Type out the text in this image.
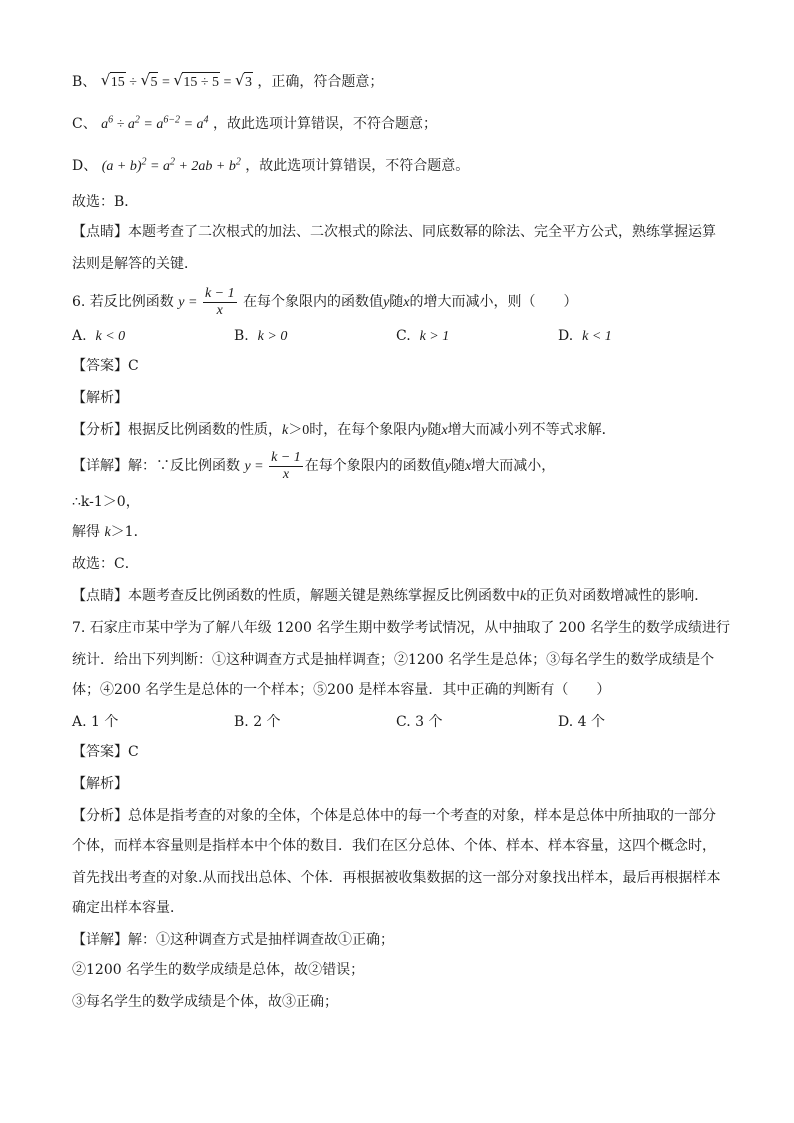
B、 √ 15 ÷ √ 5 = √ 15 ÷ 5 = √ 3 ，正确，符合题意；
C、 $a^6 \div a^2 = a^{6-2} = a^4$ ，故此选项计算错误，不符合题意；
D、 $(a + b)^2 = a^2 + 2ab + b^2$ ，故此选项计算错误，不符合题意。
故选：B．
【点睛】本题考查了二次根式的加法、二次根式的除法、同底数幂的除法、完全平方公式，熟练掌握运算
法则是解答的关键．
6. 若反比例函数 $y = \frac{k - 1}{x}$ 在每个象限内的函数值y随x的增大而减小，则（　　）
A. k < 0	B. k > 0	C. k > 1	D. k < 1
【答案】C
【解析】
【分析】根据反比例函数的性质，k＞0时，在每个象限内y随x增大而减小列不等式求解．
【详解】解：∵反比例函数 $y = \frac{k - 1}{x}$ 在每个象限内的函数值y随x增大而减小，
∴k-1＞0，
解得 k＞1．
故选：C．
【点睛】本题考查反比例函数的性质，解题关键是熟练掌握反比例函数中k的正负对函数增减性的影响．
7. 石家庄市某中学为了解八年级 1200 名学生期中数学考试情况，从中抽取了 200 名学生的数学成绩进行
统计．给出下列判断：①这种调查方式是抽样调查；②1200 名学生是总体；③每名学生的数学成绩是个
体；④200 名学生是总体的一个样本；⑤200 是样本容量．其中正确的判断有（　　）
A. 1 个	B. 2 个	C. 3 个	D. 4 个
【答案】C
【解析】
【分析】总体是指考查的对象的全体，个体是总体中的每一个考查的对象，样本是总体中所抽取的一部分
个体，而样本容量则是指样本中个体的数目．我们在区分总体、个体、样本、样本容量，这四个概念时，
首先找出考查的对象.从而找出总体、个体．再根据被收集数据的这一部分对象找出样本，最后再根据样本
确定出样本容量．
【详解】解：①这种调查方式是抽样调查故①正确；
②1200 名学生的数学成绩是总体，故②错误；
③每名学生的数学成绩是个体，故③正确；
